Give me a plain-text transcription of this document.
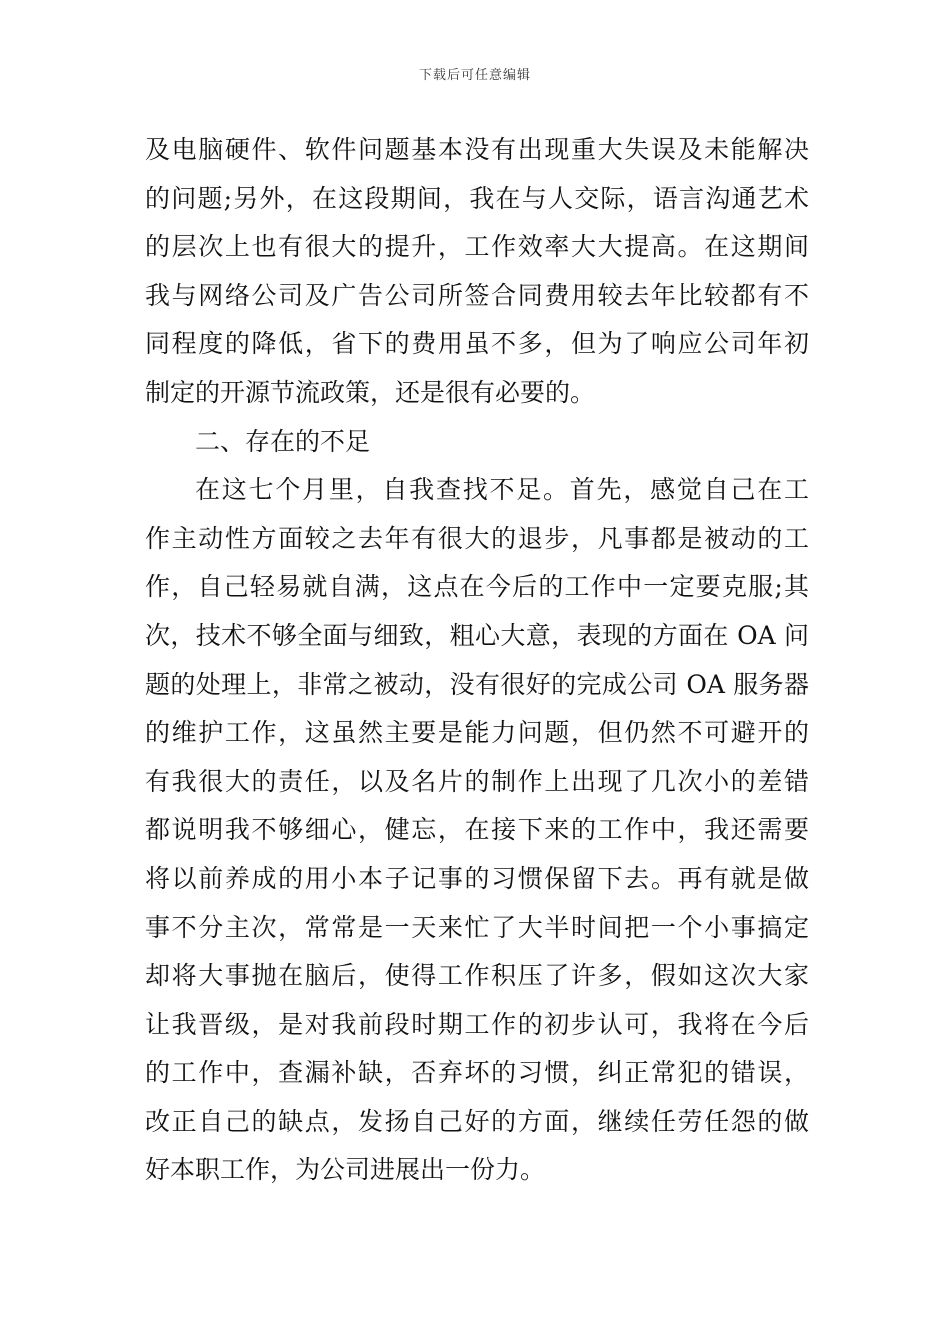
下载后可任意编辑
及电脑硬件、软件问题基本没有出现重大失误及未能解决
的问题;另外，在这段期间，我在与人交际，语言沟通艺术
的层次上也有很大的提升，工作效率大大提高。在这期间
我与网络公司及广告公司所签合同费用较去年比较都有不
同程度的降低，省下的费用虽不多，但为了响应公司年初
制定的开源节流政策，还是很有必要的。
二、存在的不足
在这七个月里，自我查找不足。首先，感觉自己在工
作主动性方面较之去年有很大的退步，凡事都是被动的工
作，自己轻易就自满，这点在今后的工作中一定要克服;其
次，技术不够全面与细致，粗心大意，表现的方面在 OA 问
题的处理上，非常之被动，没有很好的完成公司 OA 服务器
的维护工作，这虽然主要是能力问题，但仍然不可避开的
有我很大的责任，以及名片的制作上出现了几次小的差错
都说明我不够细心，健忘，在接下来的工作中，我还需要
将以前养成的用小本子记事的习惯保留下去。再有就是做
事不分主次，常常是一天来忙了大半时间把一个小事搞定
却将大事抛在脑后，使得工作积压了许多，假如这次大家
让我晋级，是对我前段时期工作的初步认可，我将在今后
的工作中，查漏补缺，否弃坏的习惯，纠正常犯的错误，
改正自己的缺点，发扬自己好的方面，继续任劳任怨的做
好本职工作，为公司进展出一份力。
